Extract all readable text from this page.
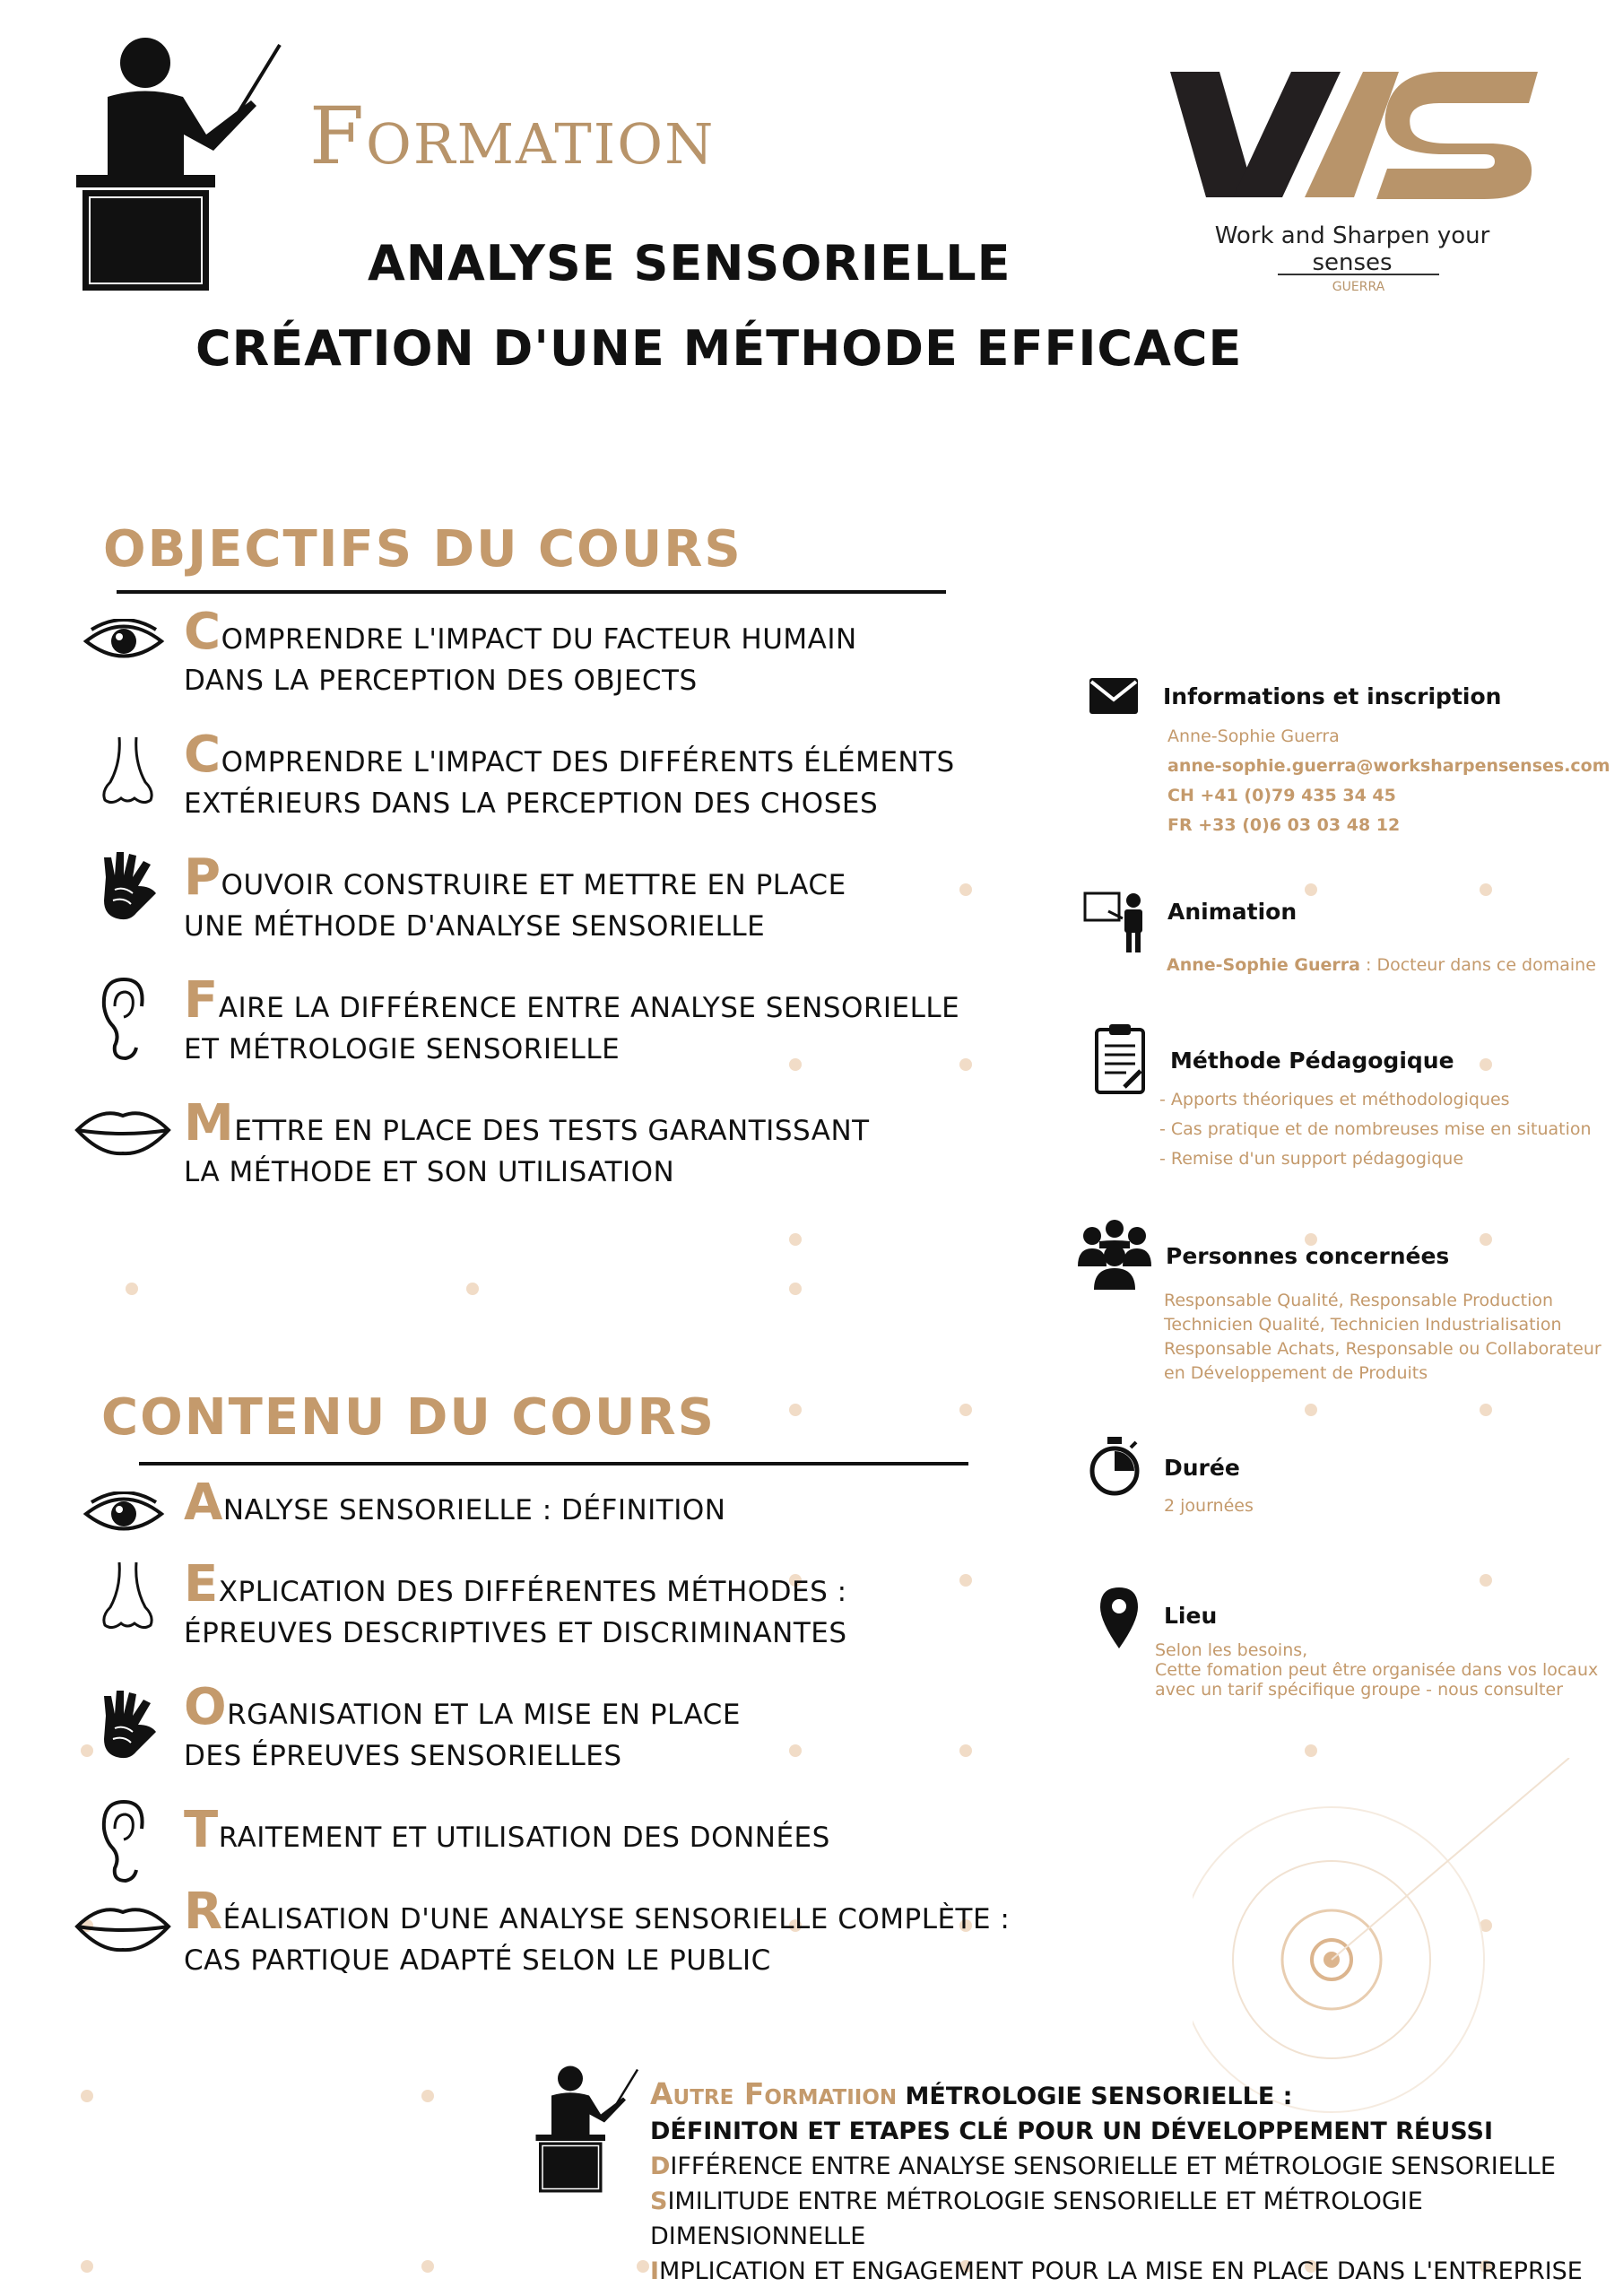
Formation
ANALYSE SENSORIELLE
CRÉATION D'UNE MÉTHODE EFFICACE
Work and Sharpen your senses
GUERRA
OBJECTIFS DU COURS
COMPRENDRE L'IMPACT DU FACTEUR HUMAIN
DANS LA PERCEPTION DES OBJECTS
COMPRENDRE L'IMPACT DES DIFFÉRENTS ÉLÉMENTS
EXTÉRIEURS DANS LA PERCEPTION DES CHOSES
POUVOIR CONSTRUIRE ET METTRE EN PLACE
UNE MÉTHODE D'ANALYSE SENSORIELLE
FAIRE LA DIFFÉRENCE ENTRE ANALYSE SENSORIELLE
ET MÉTROLOGIE SENSORIELLE
METTRE EN PLACE DES TESTS GARANTISSANT
LA MÉTHODE ET SON UTILISATION
CONTENU DU COURS
ANALYSE SENSORIELLE : DÉFINITION
EXPLICATION DES DIFFÉRENTES MÉTHODES :
ÉPREUVES DESCRIPTIVES ET DISCRIMINANTES
ORGANISATION ET LA MISE EN PLACE
DES ÉPREUVES SENSORIELLES
TRAITEMENT ET UTILISATION DES DONNÉES
RÉALISATION D'UNE ANALYSE SENSORIELLE COMPLÈTE :
CAS PARTIQUE ADAPTÉ SELON LE PUBLIC
Informations et inscription
Anne-Sophie Guerra
anne-sophie.guerra@worksharpensenses.com
CH +41 (0)79 435 34 45
FR +33 (0)6 03 03 48 12
Animation
Anne-Sophie Guerra : Docteur dans ce domaine
Méthode Pédagogique
- Apports théoriques et méthodologiques
- Cas pratique et de nombreuses mise en situation
- Remise d'un support pédagogique
Personnes concernées
Responsable Qualité, Responsable Production
Technicien Qualité, Technicien Industrialisation
Responsable Achats, Responsable ou Collaborateur
en Développement de Produits
Durée
2 journées
Lieu
Selon les besoins,
Cette fomation peut être organisée dans vos locaux
avec un tarif spécifique groupe - nous consulter
Autre Formatiion MÉTROLOGIE SENSORIELLE :
DÉFINITON ET ETAPES CLÉ POUR UN DÉVELOPPEMENT RÉUSSI
DIFFÉRENCE ENTRE ANALYSE SENSORIELLE ET MÉTROLOGIE SENSORIELLE
SIMILITUDE ENTRE MÉTROLOGIE SENSORIELLE ET MÉTROLOGIE DIMENSIONNELLE
IMPLICATION ET ENGAGEMENT POUR LA MISE EN PLACE DANS L'ENTREPRISE
